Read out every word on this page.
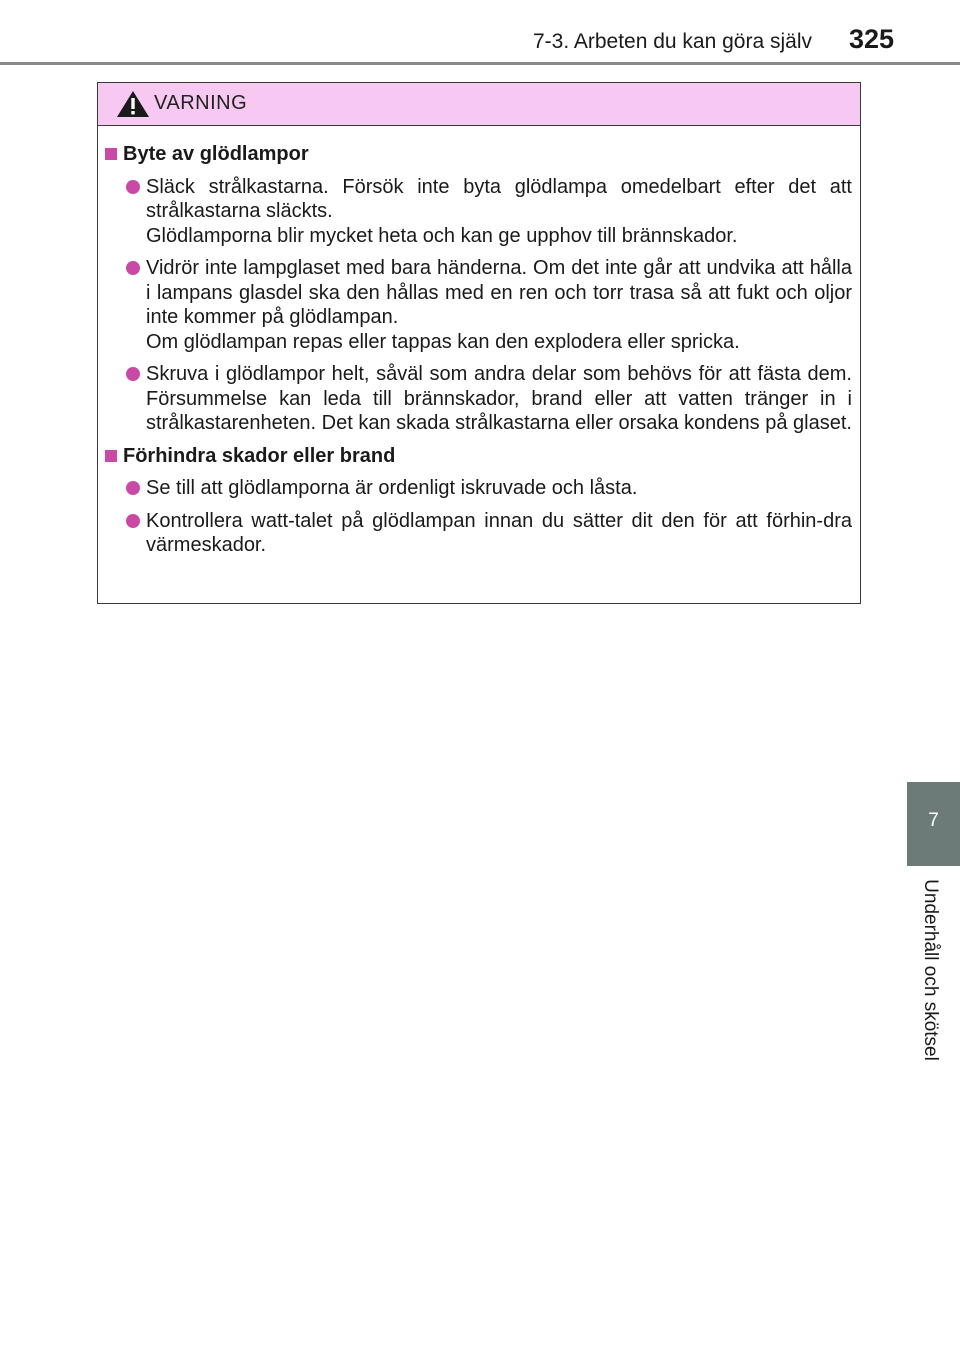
7-3. Arbeten du kan göra själv 325
VARNING
Byte av glödlampor
Släck strålkastarna. Försök inte byta glödlampa omedelbart efter det att strålkastarna släckts.
Glödlamporna blir mycket heta och kan ge upphov till brännskador.
Vidrör inte lampglaset med bara händerna. Om det inte går att undvika att hålla i lampans glasdel ska den hållas med en ren och torr trasa så att fukt och oljor inte kommer på glödlampan.
Om glödlampan repas eller tappas kan den explodera eller spricka.
Skruva i glödlampor helt, såväl som andra delar som behövs för att fästa dem. Försummelse kan leda till brännskador, brand eller att vatten tränger in i strålkastarenheten. Det kan skada strålkastarna eller orsaka kondens på glaset.
Förhindra skador eller brand
Se till att glödlamporna är ordenligt iskruvade och låsta.
Kontrollera watt-talet på glödlampan innan du sätter dit den för att förhin-dra värmeskador.
7
Underhåll och skötsel
